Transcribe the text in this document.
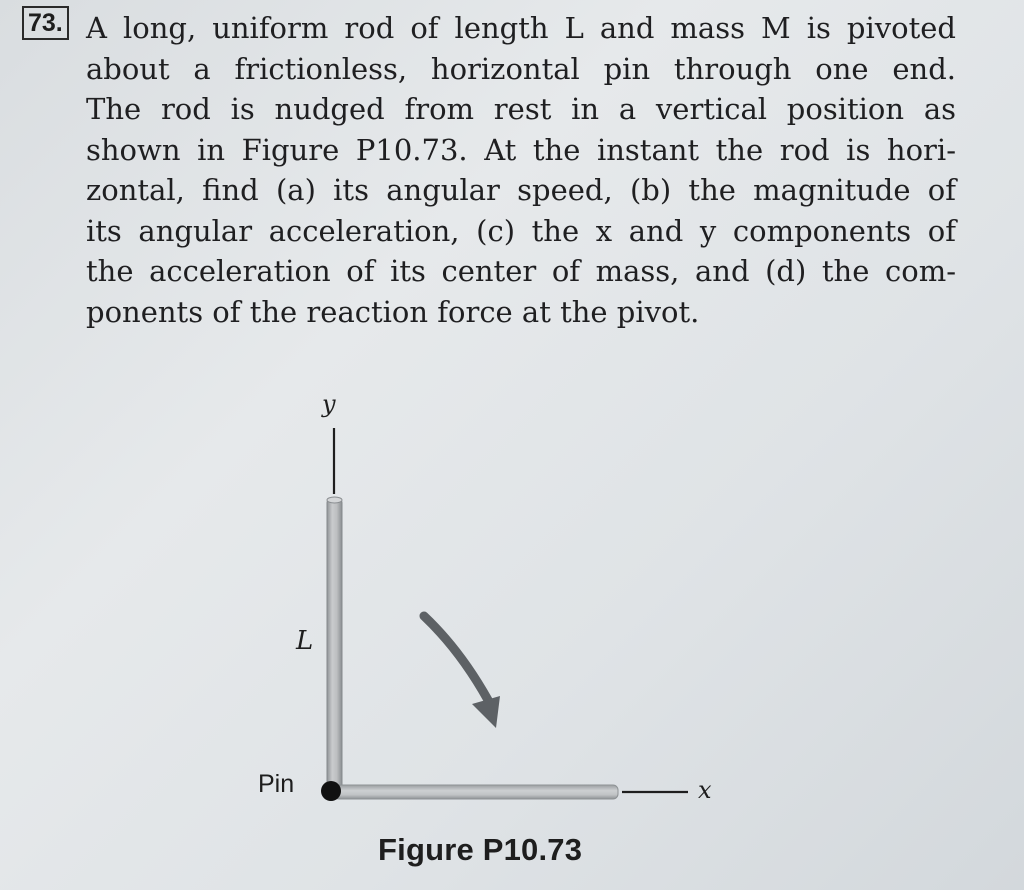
73. A long, uniform rod of length L and mass M is pivoted
about a frictionless, horizontal pin through one end.
The rod is nudged from rest in a vertical position as
shown in Figure P10.73. At the instant the rod is hori-
zontal, find (a) its angular speed, (b) the magnitude of
its angular acceleration, (c) the x and y components of
the acceleration of its center of mass, and (d) the com-
ponents of the reaction force at the pivot.
y
x
L
Pin
Figure P10.73
